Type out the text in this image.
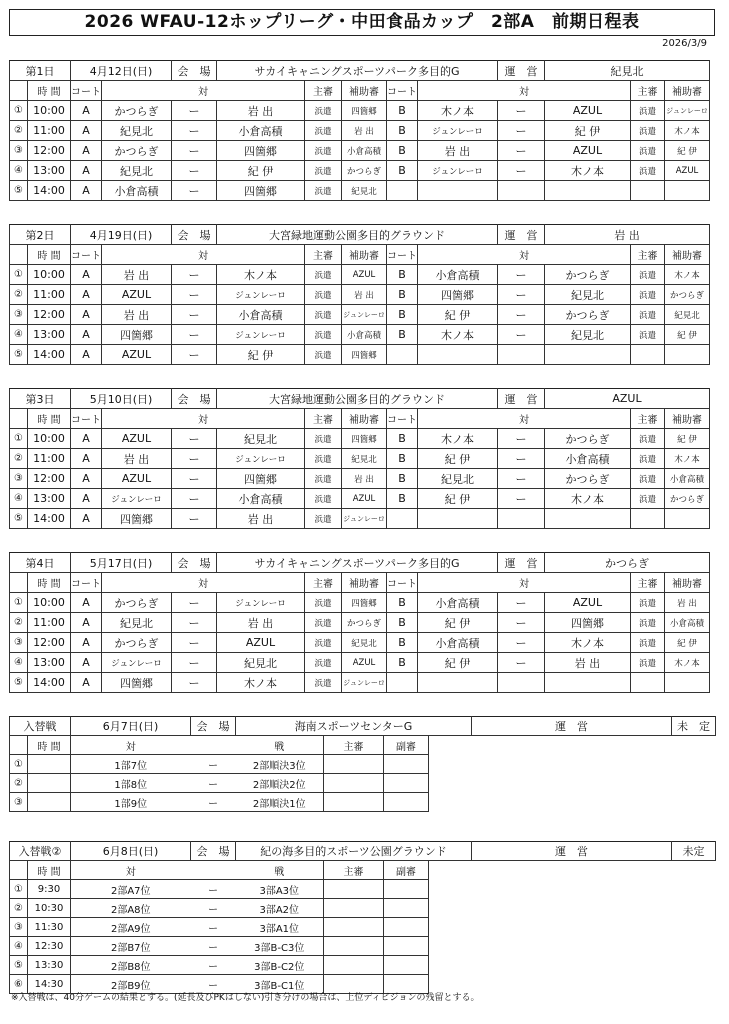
2026 WFAU-12ホップリーグ・中田食品カップ　2部A　前期日程表
2026/3/9
第1日		4月12日(日)		会　場	サカイキャニングスポーツパーク多目的G					運　営	紀見北		
	時 間	コート	対			主審	補助審	コート	対			主審	補助審
①	10:00	A	かつらぎ	ー	岩 出	浜遣	四箇郷	B	木ノ本	ー	AZUL	浜遣	ジュンレーロ
②	11:00	A	紀見北	ー	小倉高積	浜遣	岩 出	B	ジュンレーロ	ー	紀 伊	浜遣	木ノ本
③	12:00	A	かつらぎ	ー	四箇郷	浜遣	小倉高積	B	岩 出	ー	AZUL	浜遣	紀 伊
④	13:00	A	紀見北	ー	紀 伊	浜遣	かつらぎ	B	ジュンレーロ	ー	木ノ本	浜遣	AZUL
⑤	14:00	A	小倉高積	ー	四箇郷	浜遣	紀見北						
第2日		4月19日(日)		会　場	大宮緑地運動公園多目的グラウンド					運　営	岩 出		
	時 間	コート	対			主審	補助審	コート	対			主審	補助審
①	10:00	A	岩 出	ー	木ノ本	浜遣	AZUL	B	小倉高積	ー	かつらぎ	浜遣	木ノ本
②	11:00	A	AZUL	ー	ジュンレーロ	浜遣	岩 出	B	四箇郷	ー	紀見北	浜遣	かつらぎ
③	12:00	A	岩 出	ー	小倉高積	浜遣	ジュンレーロ	B	紀 伊	ー	かつらぎ	浜遣	紀見北
④	13:00	A	四箇郷	ー	ジュンレーロ	浜遣	小倉高積	B	木ノ本	ー	紀見北	浜遣	紀 伊
⑤	14:00	A	AZUL	ー	紀 伊	浜遣	四箇郷						
第3日		5月10日(日)		会　場	大宮緑地運動公園多目的グラウンド					運　営	AZUL		
	時 間	コート	対			主審	補助審	コート	対			主審	補助審
①	10:00	A	AZUL	ー	紀見北	浜遣	四箇郷	B	木ノ本	ー	かつらぎ	浜遣	紀 伊
②	11:00	A	岩 出	ー	ジュンレーロ	浜遣	紀見北	B	紀 伊	ー	小倉高積	浜遣	木ノ本
③	12:00	A	AZUL	ー	四箇郷	浜遣	岩 出	B	紀見北	ー	かつらぎ	浜遣	小倉高積
④	13:00	A	ジュンレーロ	ー	小倉高積	浜遣	AZUL	B	紀 伊	ー	木ノ本	浜遣	かつらぎ
⑤	14:00	A	四箇郷	ー	岩 出	浜遣	ジュンレーロ						
第4日		5月17日(日)		会　場	サカイキャニングスポーツパーク多目的G					運　営	かつらぎ		
	時 間	コート	対			主審	補助審	コート	対			主審	補助審
①	10:00	A	かつらぎ	ー	ジュンレーロ	浜遣	四箇郷	B	小倉高積	ー	AZUL	浜遣	岩 出
②	11:00	A	紀見北	ー	岩 出	浜遣	かつらぎ	B	紀 伊	ー	四箇郷	浜遣	小倉高積
③	12:00	A	かつらぎ	ー	AZUL	浜遣	紀見北	B	小倉高積	ー	木ノ本	浜遣	紀 伊
④	13:00	A	ジュンレーロ	ー	紀見北	浜遣	AZUL	B	紀 伊	ー	岩 出	浜遣	木ノ本
⑤	14:00	A	四箇郷	ー	木ノ本	浜遣	ジュンレーロ						
入替戦		6月7日(日)	会　場	海南スポーツセンターG				運　営	未　定
	時 間	対		戦	主審	副審			
①		1部7位	ー	2部順決3位					
②		1部8位	ー	2部順決2位					
③		1部9位	ー	2部順決1位					
入替戦②		6月8日(日)	会　場	紀の海多目的スポーツ公園グラウンド				運　営	未定
	時 間	対		戦	主審	副審			
①	9:30	2部A7位	ー	3部A3位					
②	10:30	2部A8位	ー	3部A2位					
③	11:30	2部A9位	ー	3部A1位					
④	12:30	2部B7位	ー	3部B-C3位					
⑤	13:30	2部B8位	ー	3部B-C2位					
⑥	14:30	2部B9位	ー	3部B-C1位					
※入替戦は、40分ゲームの結果とする。(延長及びPKはしない)引き分けの場合は、上位ディビジョンの残留とする。
